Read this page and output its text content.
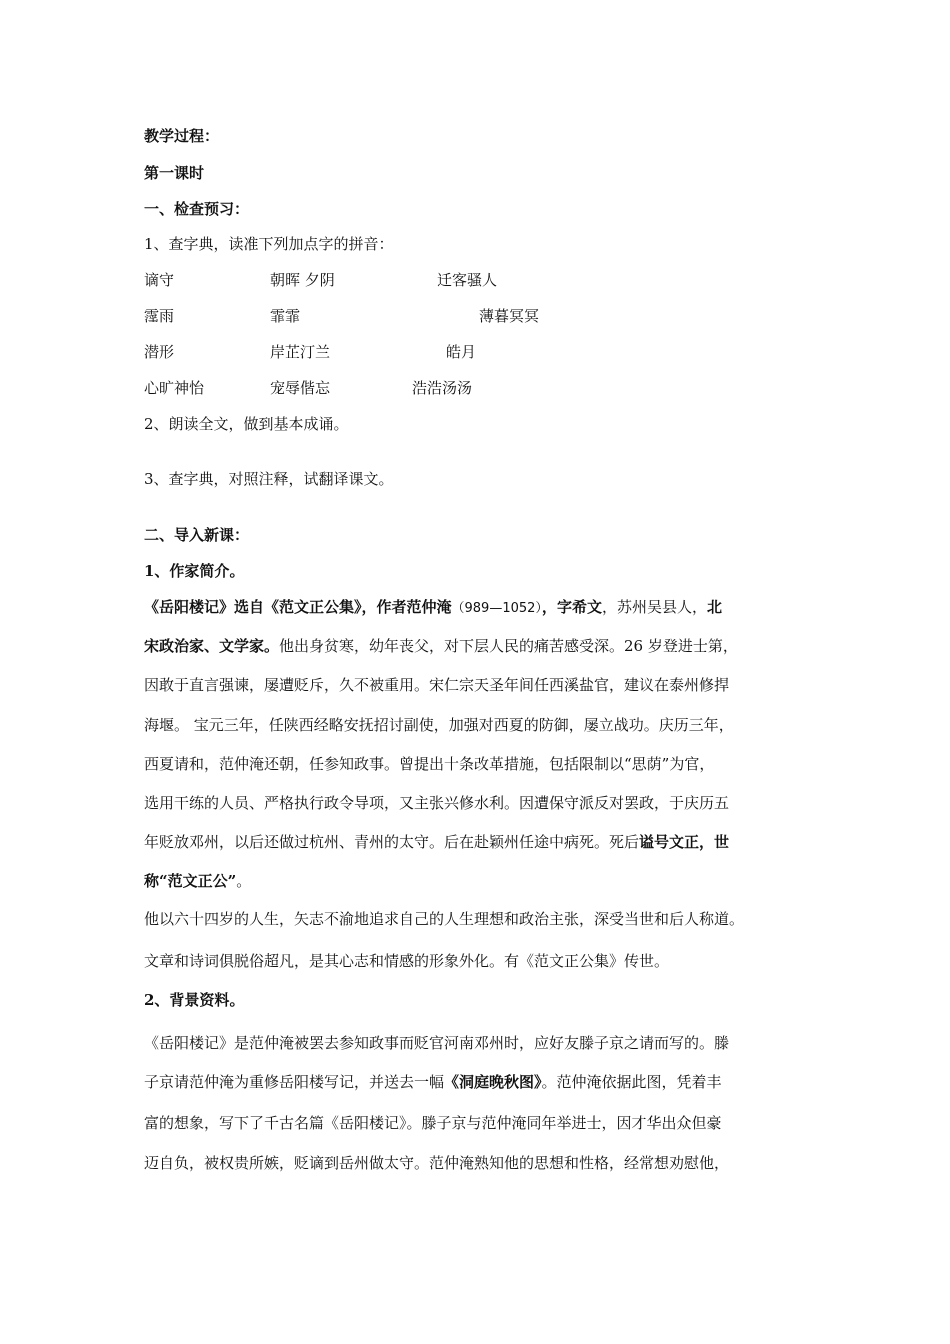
教学过程：
第一课时
一、检查预习：
1、查字典，读准下列加点字的拼音：
谪守	朝晖 夕阴	迁客骚人
霪雨	霏霏	薄暮冥冥
潜形	岸芷汀兰	皓月
心旷神怡	宠辱偕忘	浩浩汤汤
2、朗读全文，做到基本成诵。
3、查字典，对照注释，试翻译课文。
二、导入新课：
1、作家简介。
《岳阳楼记》选自《范文正公集》，作者范仲淹（989—1052），字希文，苏州吴县人，北
宋政治家、文学家。他出身贫寒，幼年丧父，对下层人民的痛苦感受深。26 岁登进士第，
因敢于直言强谏，屡遭贬斥，久不被重用。宋仁宗天圣年间任西溪盐官，建议在泰州修捍
海堰。 宝元三年，任陕西经略安抚招讨副使，加强对西夏的防御，屡立战功。庆历三年，
西夏请和，范仲淹还朝，任参知政事。曾提出十条改革措施，包括限制以“思荫”为官，
选用干练的人员、严格执行政令导项，又主张兴修水利。因遭保守派反对罢政，于庆历五
年贬放邓州，以后还做过杭州、青州的太守。后在赴颖州任途中病死。死后谥号文正，世
称“范文正公”。
他以六十四岁的人生，矢志不渝地追求自己的人生理想和政治主张，深受当世和后人称道。
文章和诗词俱脱俗超凡，是其心志和情感的形象外化。有《范文正公集》传世。
2、背景资料。
《岳阳楼记》是范仲淹被罢去参知政事而贬官河南邓州时，应好友滕子京之请而写的。滕
子京请范仲淹为重修岳阳楼写记，并送去一幅《洞庭晚秋图》。范仲淹依据此图，凭着丰
富的想象，写下了千古名篇《岳阳楼记》。滕子京与范仲淹同年举进士，因才华出众但豪
迈自负，被权贵所嫉，贬谪到岳州做太守。范仲淹熟知他的思想和性格，经常想劝慰他，
